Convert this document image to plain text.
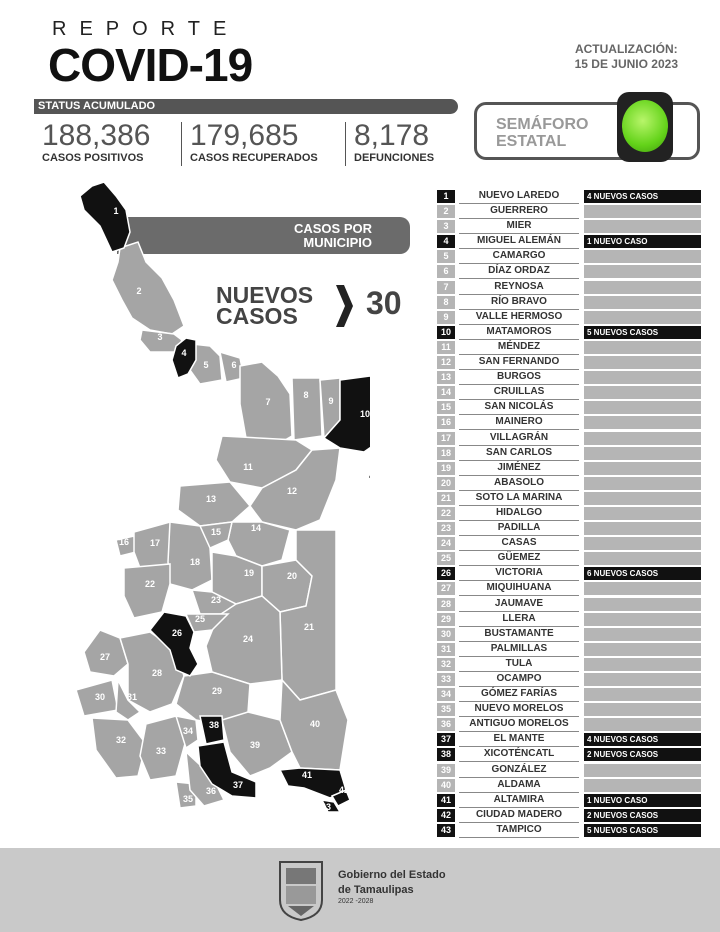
REPORTE
COVID-19	ACTUALIZACIÓN:
15 DE JUNIO 2023
STATUS ACUMULADO
188,386
CASOS POSITIVOS
179,685
CASOS RECUPERADOS
8,178
DEFUNCIONES
SEMÁFORO
ESTATAL
CASOS POR
MUNICIPIO
NUEVOS
CASOS	30
1
2
3
4
5	6
7
8
9
10
11
12
13
14
15
16 17
18
19	20
21
22
23
24
25
26
27
28
29
30 31
32
33
34
35
36
37
38
39
40
41
42
43
1	NUEVO LAREDO	4 NUEVOS CASOS
2	GUERRERO
3	MIER
4	MIGUEL ALEMÁN	1 NUEVO CASO
5	CAMARGO
6	DÍAZ ORDAZ
7	REYNOSA
8	RÍO BRAVO
9	VALLE HERMOSO
10	MATAMOROS	5 NUEVOS CASOS
11	MÉNDEZ
12	SAN FERNANDO
13	BURGOS
14	CRUILLAS
15	SAN NICOLÁS
16	MAINERO
17	VILLAGRÁN
18	SAN CARLOS
19	JIMÉNEZ
20	ABASOLO
21	SOTO LA MARINA
22	HIDALGO
23	PADILLA
24	CASAS
25	GÜEMEZ
26	VICTORIA	6 NUEVOS CASOS
27	MIQUIHUANA
28	JAUMAVE
29	LLERA
30	BUSTAMANTE
31	PALMILLAS
32	TULA
33	OCAMPO
34	GÓMEZ FARÍAS
35	NUEVO MORELOS
36	ANTIGUO MORELOS
37	EL MANTE	4 NUEVOS CASOS
38	XICOTÉNCATL	2 NUEVOS CASOS
39	GONZÁLEZ
40	ALDAMA
41	ALTAMIRA	1 NUEVO CASO
42	CIUDAD MADERO	2 NUEVOS CASOS
43	TAMPICO	5 NUEVOS CASOS
Gobierno del Estado
de Tamaulipas
2022 -2028
